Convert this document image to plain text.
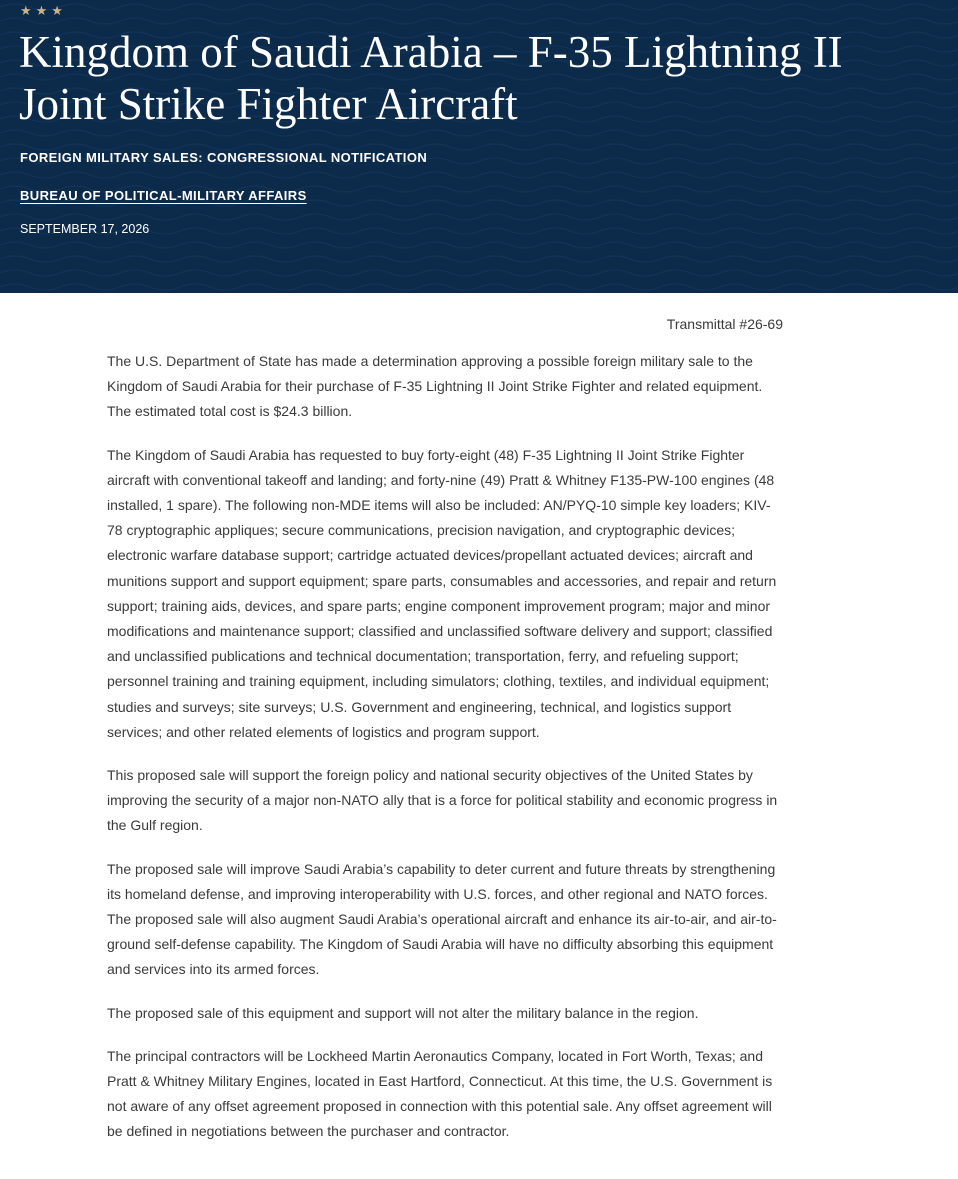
★★★
Kingdom of Saudi Arabia – F-35 Lightning II Joint Strike Fighter Aircraft
FOREIGN MILITARY SALES: CONGRESSIONAL NOTIFICATION
BUREAU OF POLITICAL-MILITARY AFFAIRS
SEPTEMBER 17, 2026

Transmittal #26-69

The U.S. Department of State has made a determination approving a possible foreign military sale to the Kingdom of Saudi Arabia for their purchase of F-35 Lightning II Joint Strike Fighter and related equipment. The estimated total cost is $24.3 billion.

The Kingdom of Saudi Arabia has requested to buy forty-eight (48) F-35 Lightning II Joint Strike Fighter aircraft with conventional takeoff and landing; and forty-nine (49) Pratt & Whitney F135-PW-100 engines (48 installed, 1 spare). The following non-MDE items will also be included: AN/PYQ-10 simple key loaders; KIV-78 cryptographic appliques; secure communications, precision navigation, and cryptographic devices; electronic warfare database support; cartridge actuated devices/propellant actuated devices; aircraft and munitions support and support equipment; spare parts, consumables and accessories, and repair and return support; training aids, devices, and spare parts; engine component improvement program; major and minor modifications and maintenance support; classified and unclassified software delivery and support; classified and unclassified publications and technical documentation; transportation, ferry, and refueling support; personnel training and training equipment, including simulators; clothing, textiles, and individual equipment; studies and surveys; site surveys; U.S. Government and engineering, technical, and logistics support services; and other related elements of logistics and program support.

This proposed sale will support the foreign policy and national security objectives of the United States by improving the security of a major non-NATO ally that is a force for political stability and economic progress in the Gulf region.

The proposed sale will improve Saudi Arabia’s capability to deter current and future threats by strengthening its homeland defense, and improving interoperability with U.S. forces, and other regional and NATO forces. The proposed sale will also augment Saudi Arabia’s operational aircraft and enhance its air-to-air, and air-to-ground self-defense capability. The Kingdom of Saudi Arabia will have no difficulty absorbing this equipment and services into its armed forces.

The proposed sale of this equipment and support will not alter the military balance in the region.

The principal contractors will be Lockheed Martin Aeronautics Company, located in Fort Worth, Texas; and Pratt & Whitney Military Engines, located in East Hartford, Connecticut. At this time, the U.S. Government is not aware of any offset agreement proposed in connection with this potential sale. Any offset agreement will be defined in negotiations between the purchaser and contractor.
